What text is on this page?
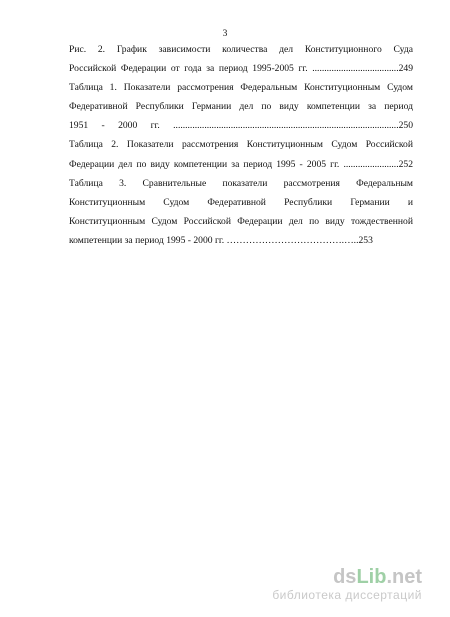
3
Рис. 2. График зависимости количества дел Конституционного Суда
Российской Федерации от года за период 1995-2005 гг. ....................................249
Таблица 1. Показатели рассмотрения Федеральным Конституционным Судом
Федеративной Республики Германии дел по виду компетенции за период
1951 - 2000 гг. ..............................................................................................250
Таблица 2. Показатели рассмотрения Конституционным Судом Российской
Федерации дел по виду компетенции за период 1995 - 2005 гг. .......................252
Таблица 3. Сравнительные показатели рассмотрения Федеральным
Конституционным Судом Федеративной Республики Германии и
Конституционным Судом Российской Федерации дел по виду тождественной
компетенции за период 1995 - 2000 гг. ……………………………….…..253
dsLib.net
библиотека диссертаций
